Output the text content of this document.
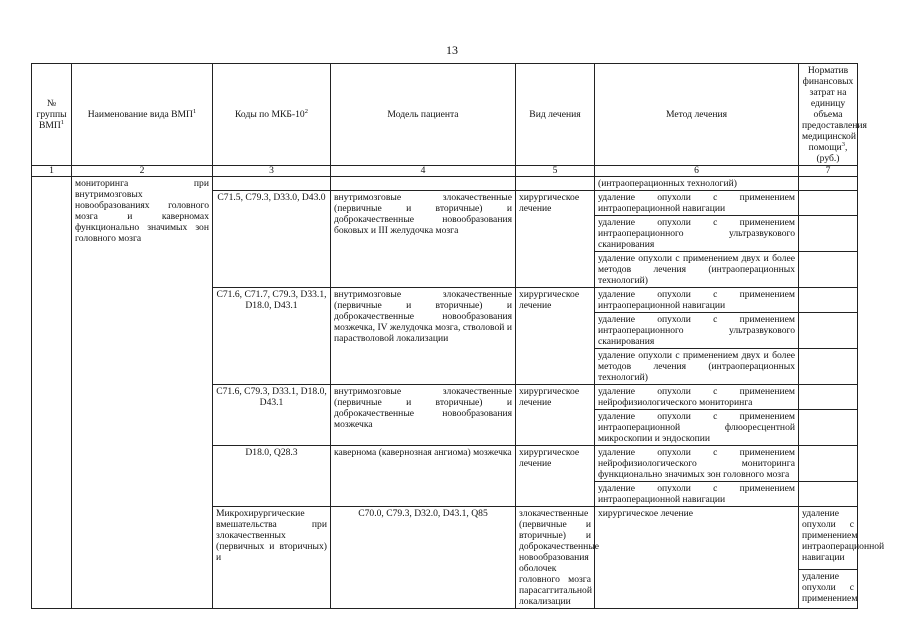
13
№ группы ВМП$^1$	Наименование вида ВМП$^1$	Коды по МКБ-$10^2$	Модель пациента	Вид лечения	Метод лечения	Норматив финансовых затрат на единицу объема предоставления медицинской помощи$^3$, (руб.)	
1	2	3	4	5	6	7	
	мониторинга при внутримозговых новообразованиях головного мозга и каверномах функционально значимых зон головного мозга				(интраоперационных технологий)		
		C71.5, C79.3, D33.0, D43.0	внутримозговые злокачественные (первичные и вторичные) и доброкачественные новообразования боковых и III желудочка мозга	хирургическое лечение	удаление опухоли с применением интраоперационной навигации		
					удаление опухоли с применением интраоперационного ультразвукового сканирования		
					удаление опухоли с применением двух и более методов лечения (интраоперационных технологий)		
		C71.6, C71.7, C79.3, D33.1, D18.0, D43.1	внутримозговые злокачественные (первичные и вторичные) и доброкачественные новообразования мозжечка, IV желудочка мозга, стволовой и парастволовой локализации	хирургическое лечение	удаление опухоли с применением интраоперационной навигации		
					удаление опухоли с применением интраоперационного ультразвукового сканирования		
					удаление опухоли с применением двух и более методов лечения (интраоперационных технологий)		
		C71.6, C79.3, D33.1, D18.0, D43.1	внутримозговые злокачественные (первичные и вторичные) и доброкачественные новообразования мозжечка	хирургическое лечение	удаление опухоли с применением нейрофизиологического мониторинга		
					удаление опухоли с применением интраоперационной флюоресцентной микроскопии и эндоскопии		
		D18.0, Q28.3	кавернома (кавернозная ангиома) мозжечка	хирургическое лечение	удаление опухоли с применением нейрофизиологического мониторинга функционально значимых зон головного мозга		
					удаление опухоли с применением интраоперационной навигации		
		Микрохирургические вмешательства при злокачественных (первичных и вторичных) и	C70.0, C79.3, D32.0, D43.1, Q85	злокачественные (первичные и вторичные) и доброкачественные новообразования оболочек головного мозга парасаггитальной локализации	хирургическое лечение	удаление опухоли с применением интраоперационной навигации	
						удаление опухоли с применением	
